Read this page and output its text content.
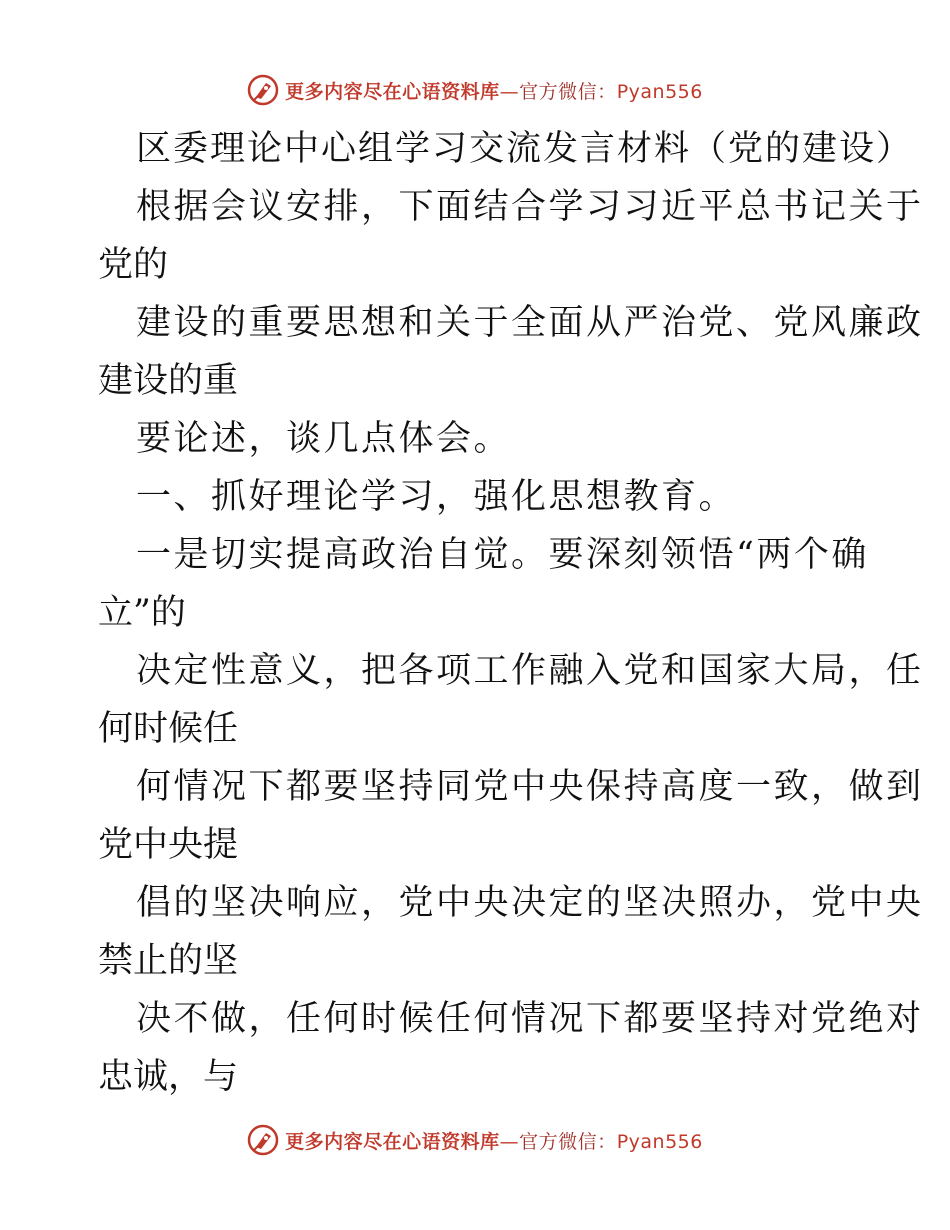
更多内容尽在心语资料库—官方微信：Pyan556
区委理论中心组学习交流发言材料（党的建设）
根据会议安排，下面结合学习习近平总书记关于
党的
建设的重要思想和关于全面从严治党、党风廉政
建设的重
要论述，谈几点体会。
一、抓好理论学习，强化思想教育。
一是切实提高政治自觉。要深刻领悟“两个确
立”的
决定性意义，把各项工作融入党和国家大局，任
何时候任
何情况下都要坚持同党中央保持高度一致，做到
党中央提
倡的坚决响应，党中央决定的坚决照办，党中央
禁止的坚
决不做，任何时候任何情况下都要坚持对党绝对
忠诚，与
更多内容尽在心语资料库—官方微信：Pyan556
